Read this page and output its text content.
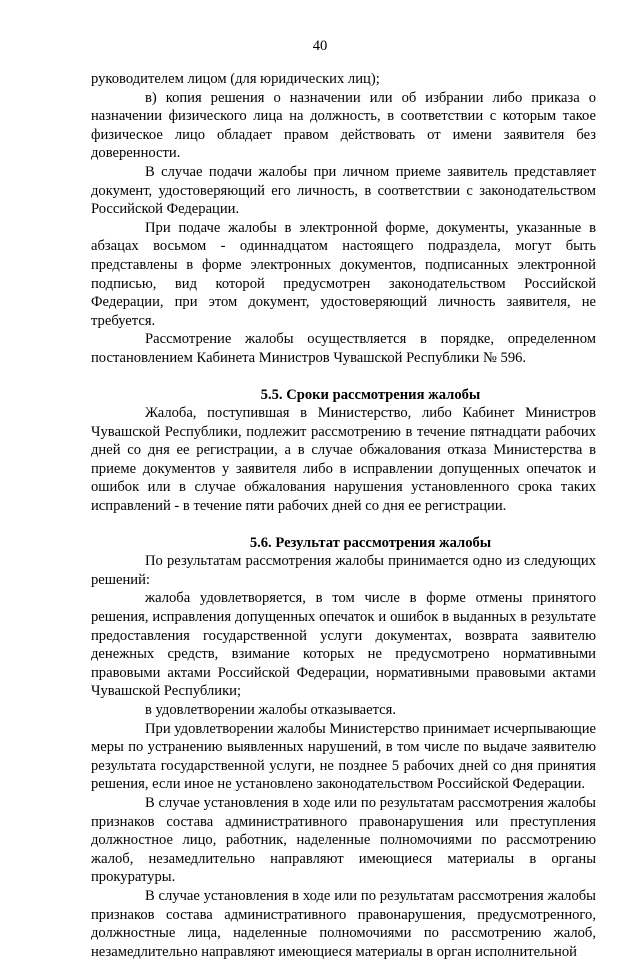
40

руководителем лицом (для юридических лиц);

в) копия решения о назначении или об избрании либо приказа о назначении физического лица на должность, в соответствии с которым такое физическое лицо обладает правом действовать от имени заявителя без доверенности.

В случае подачи жалобы при личном приеме заявитель представляет документ, удостоверяющий его личность, в соответствии с законодательством Российской Федерации.

При подаче жалобы в электронной форме, документы, указанные в абзацах восьмом - одиннадцатом настоящего подраздела, могут быть представлены в форме электронных документов, подписанных электронной подписью, вид которой предусмотрен законодательством Российской Федерации, при этом документ, удостоверяющий личность заявителя, не требуется.

Рассмотрение жалобы осуществляется в порядке, определенном постановлением Кабинета Министров Чувашской Республики № 596.

5.5. Сроки рассмотрения жалобы

Жалоба, поступившая в Министерство, либо Кабинет Министров Чувашской Республики, подлежит рассмотрению в течение пятнадцати рабочих дней со дня ее регистрации, а в случае обжалования отказа Министерства в приеме документов у заявителя либо в исправлении допущенных опечаток и ошибок или в случае обжалования нарушения установленного срока таких исправлений - в течение пяти рабочих дней со дня ее регистрации.

5.6. Результат рассмотрения жалобы

По результатам рассмотрения жалобы принимается одно из следующих решений:

жалоба удовлетворяется, в том числе в форме отмены принятого решения, исправления допущенных опечаток и ошибок в выданных в результате предоставления государственной услуги документах, возврата заявителю денежных средств, взимание которых не предусмотрено нормативными правовыми актами Российской Федерации, нормативными правовыми актами Чувашской Республики;

в удовлетворении жалобы отказывается.

При удовлетворении жалобы Министерство принимает исчерпывающие меры по устранению выявленных нарушений, в том числе по выдаче заявителю результата государственной услуги, не позднее 5 рабочих дней со дня принятия решения, если иное не установлено законодательством Российской Федерации.

В случае установления в ходе или по результатам рассмотрения жалобы признаков состава административного правонарушения или преступления должностное лицо, работник, наделенные полномочиями по рассмотрению жалоб, незамедлительно направляют имеющиеся материалы в органы прокуратуры.

В случае установления в ходе или по результатам рассмотрения жалобы признаков состава административного правонарушения, предусмотренного, должностные лица, наделенные полномочиями по рассмотрению жалоб, незамедлительно направляют имеющиеся материалы в орган исполнительной
